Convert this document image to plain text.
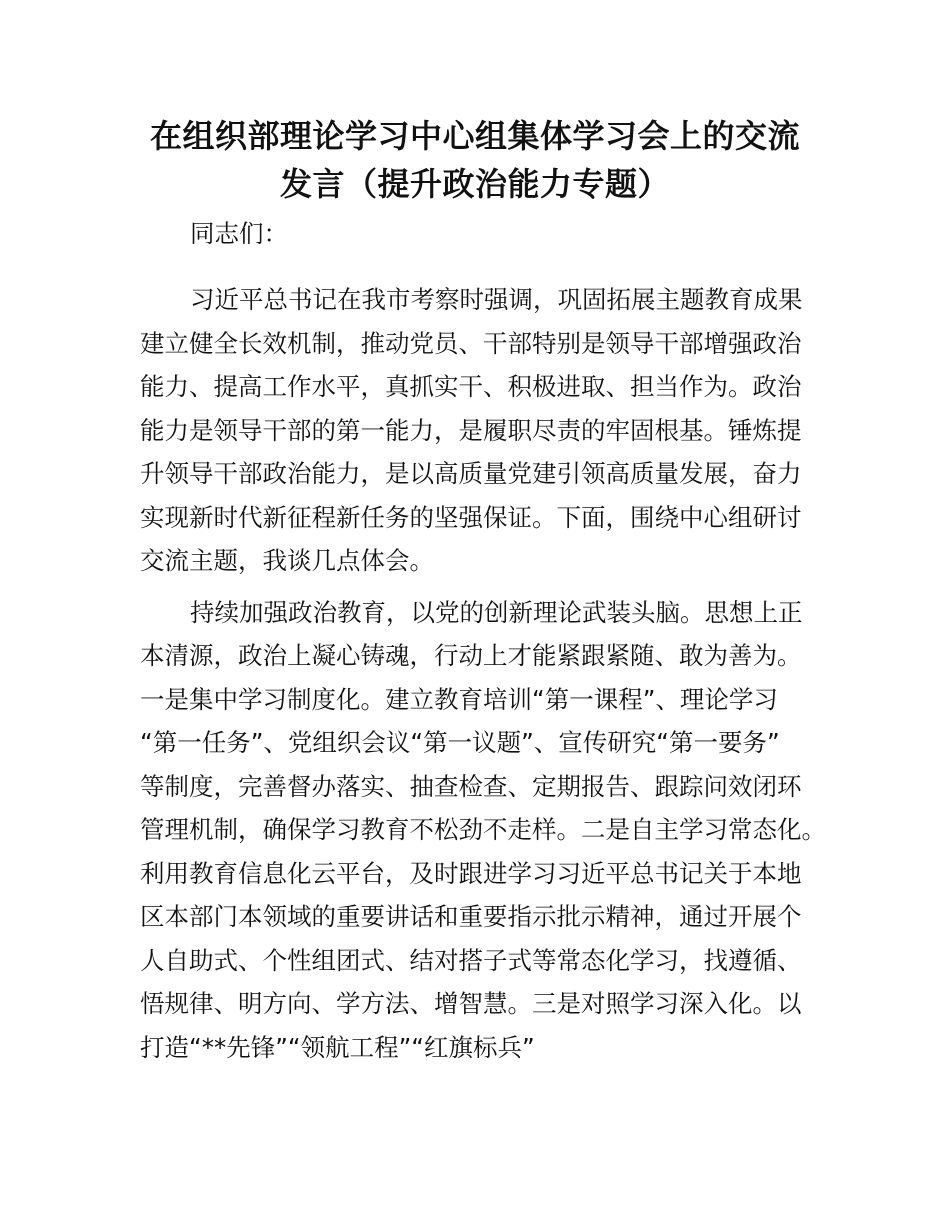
在组织部理论学习中心组集体学习会上的交流
发言（提升政治能力专题）

同志们：

习近平总书记在我市考察时强调，巩固拓展主题教育成果
建立健全长效机制，推动党员、干部特别是领导干部增强政治
能力、提高工作水平，真抓实干、积极进取、担当作为。政治
能力是领导干部的第一能力，是履职尽责的牢固根基。锤炼提
升领导干部政治能力，是以高质量党建引领高质量发展，奋力
实现新时代新征程新任务的坚强保证。下面，围绕中心组研讨
交流主题，我谈几点体会。

持续加强政治教育，以党的创新理论武装头脑。思想上正
本清源，政治上凝心铸魂，行动上才能紧跟紧随、敢为善为。
一是集中学习制度化。建立教育培训“第一课程”、理论学习
“第一任务”、党组织会议“第一议题”、宣传研究“第一要务”
等制度，完善督办落实、抽查检查、定期报告、跟踪问效闭环
管理机制，确保学习教育不松劲不走样。二是自主学习常态化。
利用教育信息化云平台，及时跟进学习习近平总书记关于本地
区本部门本领域的重要讲话和重要指示批示精神，通过开展个
人自助式、个性组团式、结对搭子式等常态化学习，找遵循、
悟规律、明方向、学方法、增智慧。三是对照学习深入化。以
打造“**先锋”“领航工程”“红旗标兵”
